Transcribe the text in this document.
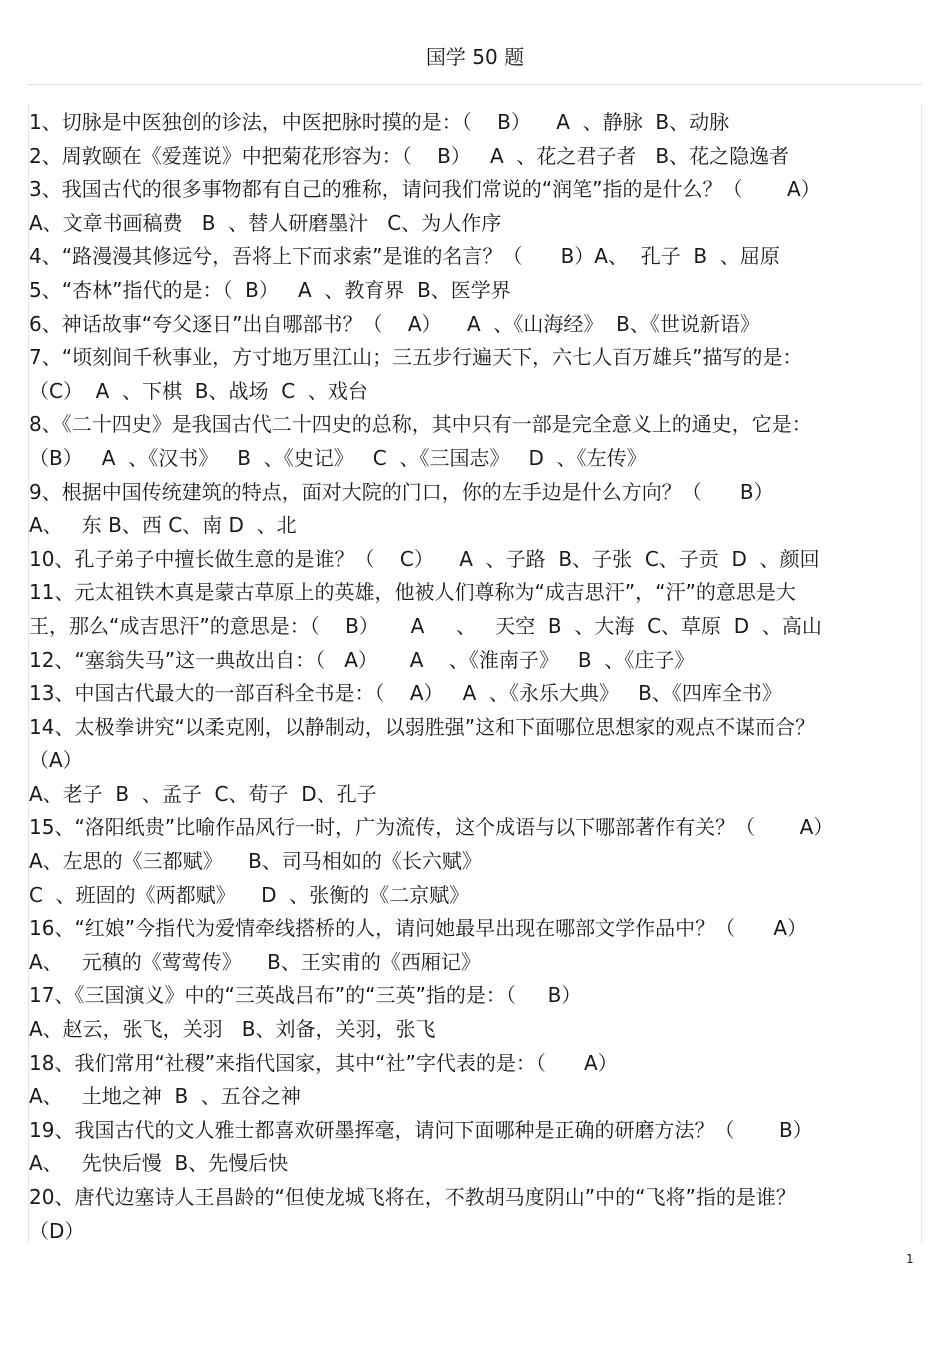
国学 50 题
1、切脉是中医独创的诊法，中医把脉时摸的是：（    B）    A  、静脉  B、动脉
2、周敦颐在《爱莲说》中把菊花形容为：（    B）   A  、花之君子者   B、花之隐逸者
3、我国古代的很多事物都有自己的雅称，请问我们常说的“润笔”指的是什么？（       A）
A、文章书画稿费   B  、替人研磨墨汁   C、为人作序
4、“路漫漫其修远兮，吾将上下而求索”是谁的名言？（      B）A、  孔子  B  、屈原
5、“杏林”指代的是：（  B）   A  、教育界  B、医学界
6、神话故事“夸父逐日”出自哪部书？（    A）    A  、《山海经》  B、《世说新语》
7、“顷刻间千秋事业，方寸地万里江山；三五步行遍天下，六七人百万雄兵”描写的是：
（C）  A  、下棋  B、战场  C  、戏台
8、《二十四史》是我国古代二十四史的总称，其中只有一部是完全意义上的通史，它是：
（B）   A  、《汉书》   B  、《史记》   C  、《三国志》   D  、《左传》
9、根据中国传统建筑的特点，面对大院的门口，你的左手边是什么方向？（      B）
A、   东 B、西 C、南 D  、北
10、孔子弟子中擅长做生意的是谁？（    C）    A  、子路  B、子张  C、子贡  D  、颜回
11、元太祖铁木真是蒙古草原上的英雄，他被人们尊称为“成吉思汗”，“汗”的意思是大
王，那么“成吉思汗”的意思是：（    B）     A     、   天空  B  、大海  C、草原  D  、高山
12、“塞翁失马”这一典故出自：（   A）     A    、《淮南子》   B  、《庄子》
13、中国古代最大的一部百科全书是：（    A）   A  、《永乐大典》   B、《四库全书》
14、太极拳讲究“以柔克刚，以静制动，以弱胜强”这和下面哪位思想家的观点不谋而合？
（A）
A、老子  B  、孟子  C、荀子  D、孔子
15、“洛阳纸贵”比喻作品风行一时，广为流传，这个成语与以下哪部著作有关？（       A）
A、左思的《三都赋》    B、司马相如的《长六赋》
C  、班固的《两都赋》    D  、张衡的《二京赋》
16、“红娘”今指代为爱情牵线搭桥的人，请问她最早出现在哪部文学作品中？（      A）
A、   元稹的《莺莺传》    B、王实甫的《西厢记》
17、《三国演义》中的“三英战吕布”的“三英”指的是：（     B）
A、赵云，张飞，关羽   B、刘备，关羽，张飞
18、我们常用“社稷”来指代国家，其中“社”字代表的是：（      A）
A、   土地之神  B  、五谷之神
19、我国古代的文人雅士都喜欢研墨挥毫，请问下面哪种是正确的研磨方法？（       B）
A、   先快后慢  B、先慢后快
20、唐代边塞诗人王昌龄的“但使龙城飞将在，不教胡马度阴山”中的“飞将”指的是谁？
（D）
1
